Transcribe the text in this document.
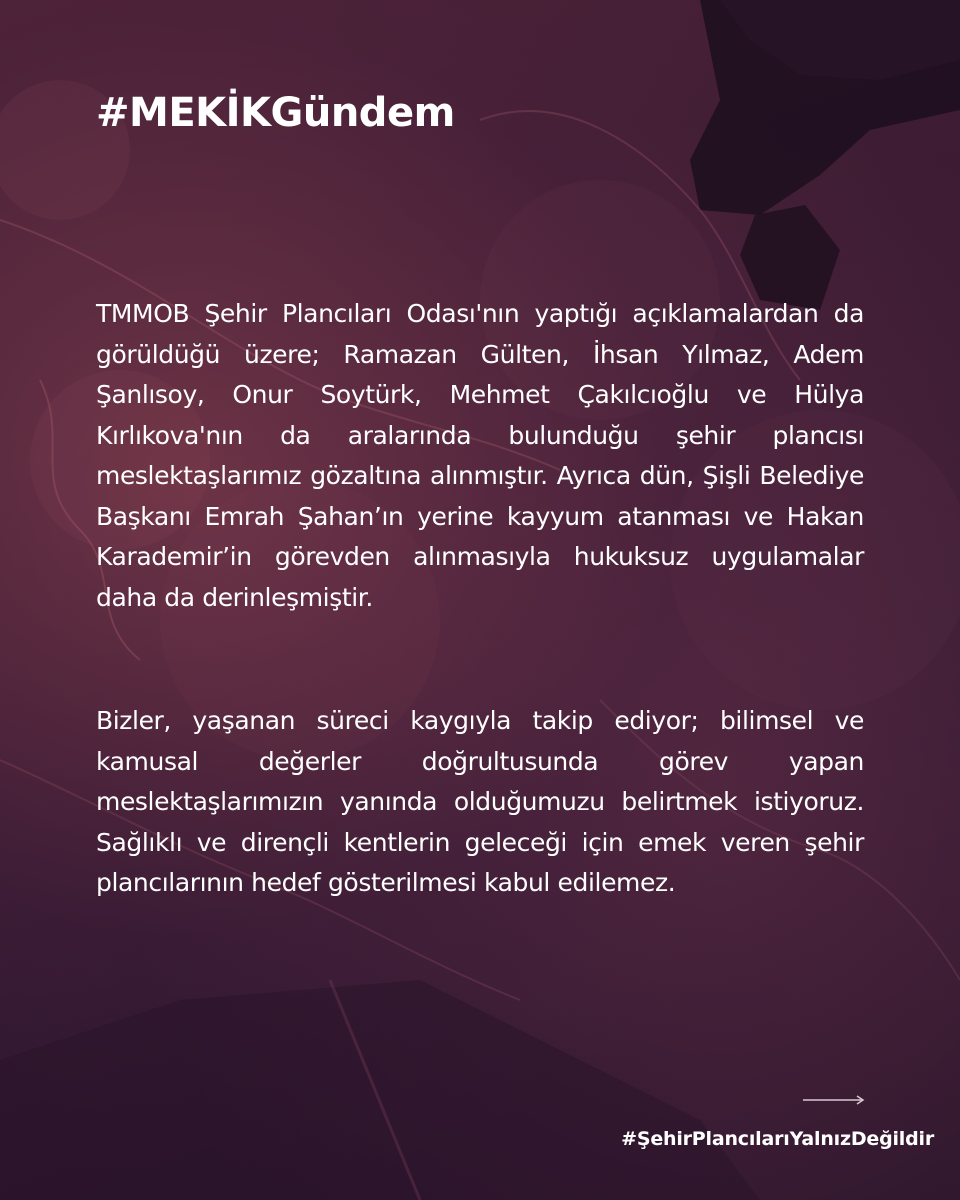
#MEKİKGündem

TMMOB Şehir Plancıları Odası'nın yaptığı açıklamalardan da görüldüğü üzere; Ramazan Gülten, İhsan Yılmaz, Adem Şanlısoy, Onur Soytürk, Mehmet Çakılcıoğlu ve Hülya Kırlıkova'nın da aralarında bulunduğu şehir plancısı meslektaşlarımız gözaltına alınmıştır. Ayrıca dün, Şişli Belediye Başkanı Emrah Şahan’ın yerine kayyum atanması ve Hakan Karademir’in görevden alınmasıyla hukuksuz uygulamalar daha da derinleşmiştir.

Bizler, yaşanan süreci kaygıyla takip ediyor; bilimsel ve kamusal değerler doğrultusunda görev yapan meslektaşlarımızın yanında olduğumuzu belirtmek istiyoruz. Sağlıklı ve dirençli kentlerin geleceği için emek veren şehir plancılarının hedef gösterilmesi kabul edilemez.

#ŞehirPlancılarıYalnızDeğildir
